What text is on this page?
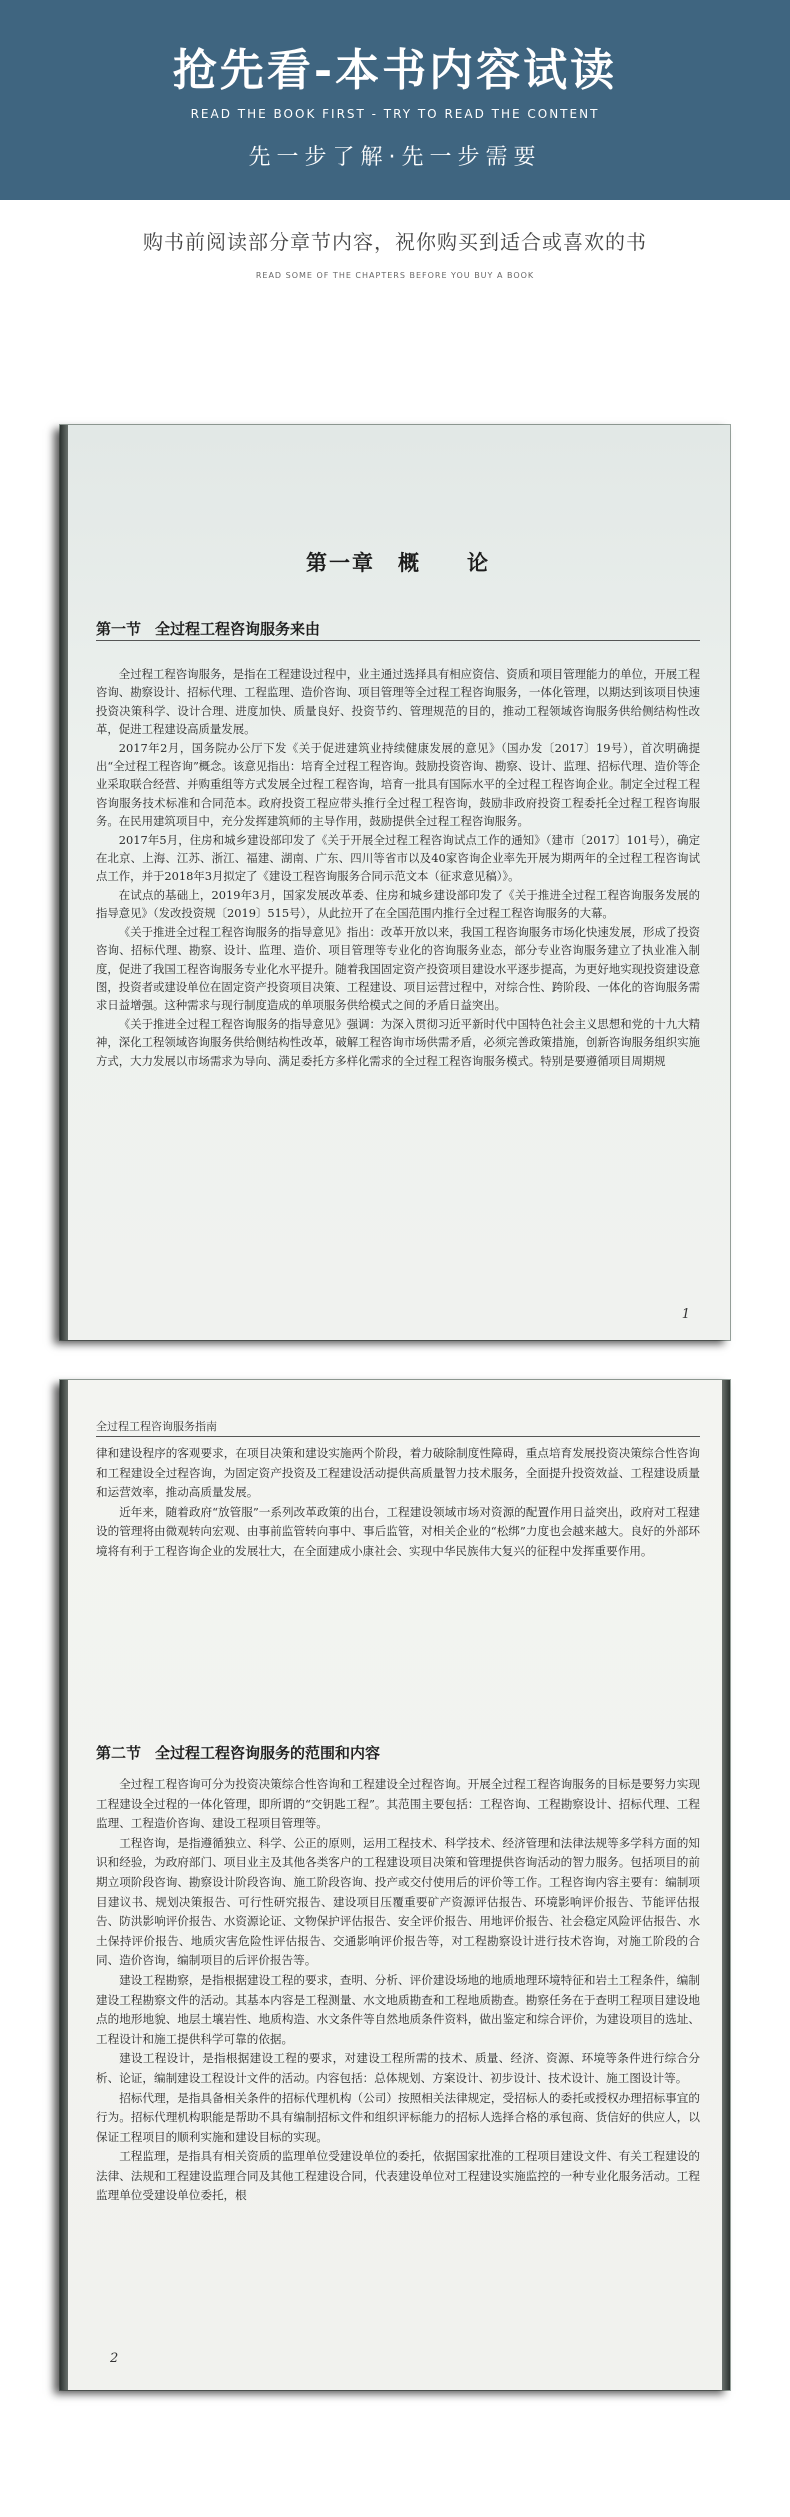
抢先看-本书内容试读
READ THE BOOK FIRST - TRY TO READ THE CONTENT
先一步了解·先一步需要
购书前阅读部分章节内容，祝你购买到适合或喜欢的书
READ SOME OF THE CHAPTERS BEFORE YOU BUY A BOOK
第一章　概　　论
第一节 全过程工程咨询服务来由

全过程工程咨询服务，是指在工程建设过程中，业主通过选择具有相应资信、资质和项目管理能力的单位，开展工程咨询、勘察设计、招标代理、工程监理、造价咨询、项目管理等全过程工程咨询服务，一体化管理，以期达到该项目快速投资决策科学、设计合理、进度加快、质量良好、投资节约、管理规范的目的，推动工程领域咨询服务供给侧结构性改革，促进工程建设高质量发展。

2017年2月，国务院办公厅下发《关于促进建筑业持续健康发展的意见》（国办发〔2017〕19号），首次明确提出“全过程工程咨询”概念。该意见指出：培育全过程工程咨询。鼓励投资咨询、勘察、设计、监理、招标代理、造价等企业采取联合经营、并购重组等方式发展全过程工程咨询，培育一批具有国际水平的全过程工程咨询企业。制定全过程工程咨询服务技术标准和合同范本。政府投资工程应带头推行全过程工程咨询，鼓励非政府投资工程委托全过程工程咨询服务。在民用建筑项目中，充分发挥建筑师的主导作用，鼓励提供全过程工程咨询服务。

2017年5月，住房和城乡建设部印发了《关于开展全过程工程咨询试点工作的通知》（建市〔2017〕101号），确定在北京、上海、江苏、浙江、福建、湖南、广东、四川等省市以及40家咨询企业率先开展为期两年的全过程工程咨询试点工作，并于2018年3月拟定了《建设工程咨询服务合同示范文本（征求意见稿）》。

在试点的基础上，2019年3月，国家发展改革委、住房和城乡建设部印发了《关于推进全过程工程咨询服务发展的指导意见》（发改投资规〔2019〕515号），从此拉开了在全国范围内推行全过程工程咨询服务的大幕。

《关于推进全过程工程咨询服务的指导意见》指出：改革开放以来，我国工程咨询服务市场化快速发展，形成了投资咨询、招标代理、勘察、设计、监理、造价、项目管理等专业化的咨询服务业态，部分专业咨询服务建立了执业准入制度，促进了我国工程咨询服务专业化水平提升。随着我国固定资产投资项目建设水平逐步提高，为更好地实现投资建设意图，投资者或建设单位在固定资产投资项目决策、工程建设、项目运营过程中，对综合性、跨阶段、一体化的咨询服务需求日益增强。这种需求与现行制度造成的单项服务供给模式之间的矛盾日益突出。

《关于推进全过程工程咨询服务的指导意见》强调：为深入贯彻习近平新时代中国特色社会主义思想和党的十九大精神，深化工程领域咨询服务供给侧结构性改革，破解工程咨询市场供需矛盾，必须完善政策措施，创新咨询服务组织实施方式，大力发展以市场需求为导向、满足委托方多样化需求的全过程工程咨询服务模式。特别是要遵循项目周期规

1
全过程工程咨询服务指南

律和建设程序的客观要求，在项目决策和建设实施两个阶段，着力破除制度性障碍，重点培育发展投资决策综合性咨询和工程建设全过程咨询，为固定资产投资及工程建设活动提供高质量智力技术服务，全面提升投资效益、工程建设质量和运营效率，推动高质量发展。

近年来，随着政府“放管服”一系列改革政策的出台，工程建设领域市场对资源的配置作用日益突出，政府对工程建设的管理将由微观转向宏观、由事前监管转向事中、事后监管，对相关企业的“松绑”力度也会越来越大。良好的外部环境将有利于工程咨询企业的发展壮大，在全面建成小康社会、实现中华民族伟大复兴的征程中发挥重要作用。

第二节 全过程工程咨询服务的范围和内容

全过程工程咨询可分为投资决策综合性咨询和工程建设全过程咨询。开展全过程工程咨询服务的目标是要努力实现工程建设全过程的一体化管理，即所谓的“交钥匙工程”。其范围主要包括：工程咨询、工程勘察设计、招标代理、工程监理、工程造价咨询、建设工程项目管理等。

工程咨询，是指遵循独立、科学、公正的原则，运用工程技术、科学技术、经济管理和法律法规等多学科方面的知识和经验，为政府部门、项目业主及其他各类客户的工程建设项目决策和管理提供咨询活动的智力服务。包括项目的前期立项阶段咨询、勘察设计阶段咨询、施工阶段咨询、投产或交付使用后的评价等工作。工程咨询内容主要有：编制项目建议书、规划决策报告、可行性研究报告、建设项目压覆重要矿产资源评估报告、环境影响评价报告、节能评估报告、防洪影响评价报告、水资源论证、文物保护评估报告、安全评价报告、用地评价报告、社会稳定风险评估报告、水土保持评价报告、地质灾害危险性评估报告、交通影响评价报告等，对工程勘察设计进行技术咨询，对施工阶段的合同、造价咨询，编制项目的后评价报告等。

建设工程勘察，是指根据建设工程的要求，查明、分析、评价建设场地的地质地理环境特征和岩土工程条件，编制建设工程勘察文件的活动。其基本内容是工程测量、水文地质勘查和工程地质勘查。勘察任务在于查明工程项目建设地点的地形地貌、地层土壤岩性、地质构造、水文条件等自然地质条件资料，做出鉴定和综合评价，为建设项目的选址、工程设计和施工提供科学可靠的依据。

建设工程设计，是指根据建设工程的要求，对建设工程所需的技术、质量、经济、资源、环境等条件进行综合分析、论证，编制建设工程设计文件的活动。内容包括：总体规划、方案设计、初步设计、技术设计、施工图设计等。

招标代理，是指具备相关条件的招标代理机构（公司）按照相关法律规定，受招标人的委托或授权办理招标事宜的行为。招标代理机构职能是帮助不具有编制招标文件和组织评标能力的招标人选择合格的承包商、货信好的供应人，以保证工程项目的顺利实施和建设目标的实现。

工程监理，是指具有相关资质的监理单位受建设单位的委托，依据国家批准的工程项目建设文件、有关工程建设的法律、法规和工程建设监理合同及其他工程建设合同，代表建设单位对工程建设实施监控的一种专业化服务活动。工程监理单位受建设单位委托，根

2
